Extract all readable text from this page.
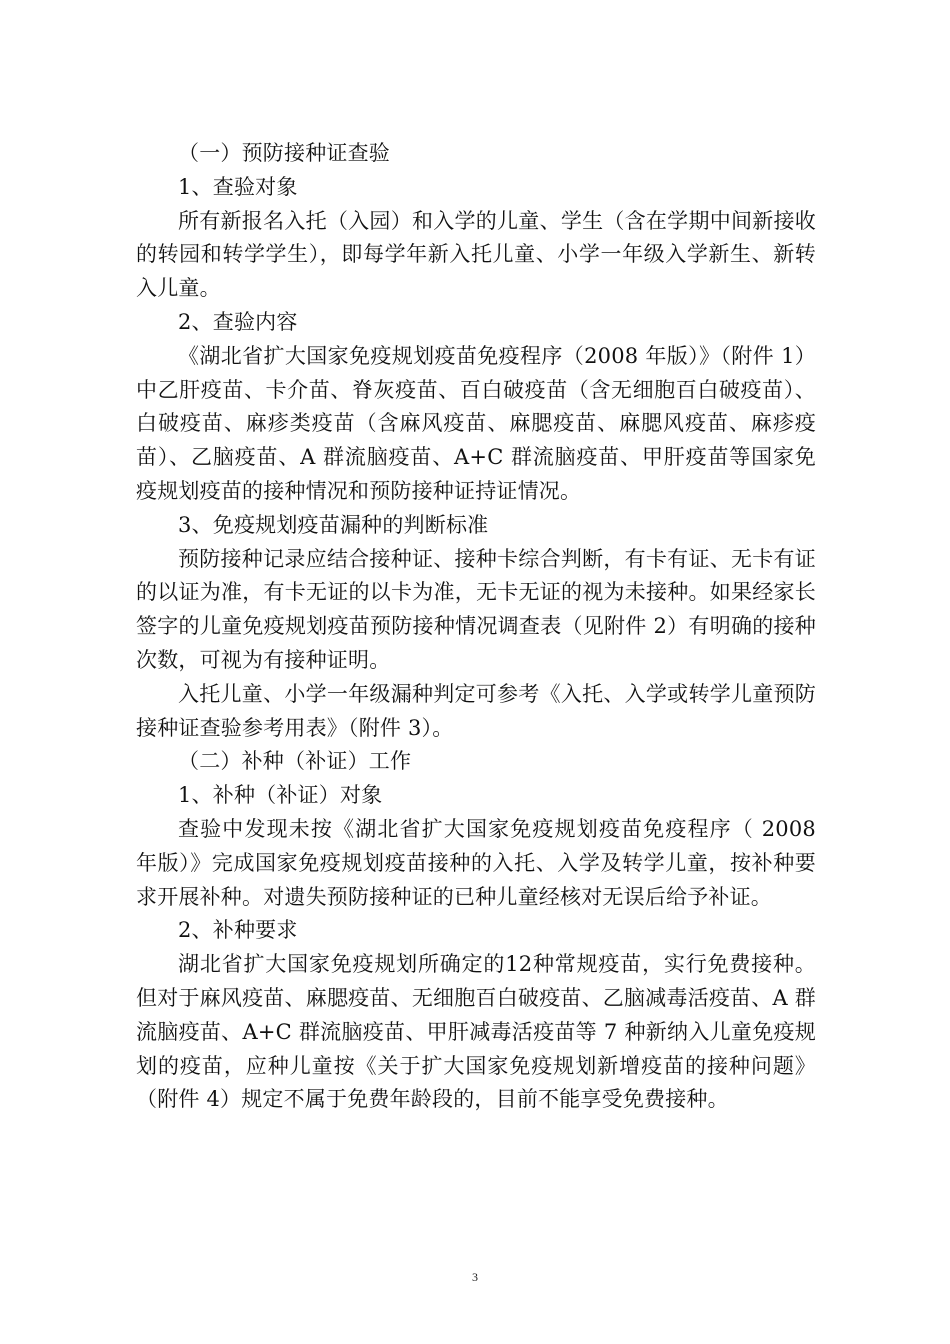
（一）预防接种证查验

1、查验对象

所有新报名入托（入园）和入学的儿童、学生（含在学期中间新接收的转园和转学学生），即每学年新入托儿童、小学一年级入学新生、新转入儿童。

2、查验内容

《湖北省扩大国家免疫规划疫苗免疫程序（2008 年版）》（附件 1）中乙肝疫苗、卡介苗、脊灰疫苗、百白破疫苗（含无细胞百白破疫苗）、白破疫苗、麻疹类疫苗（含麻风疫苗、麻腮疫苗、麻腮风疫苗、麻疹疫苗）、乙脑疫苗、A 群流脑疫苗、A+C 群流脑疫苗、甲肝疫苗等国家免疫规划疫苗的接种情况和预防接种证持证情况。

3、免疫规划疫苗漏种的判断标准

预防接种记录应结合接种证、接种卡综合判断，有卡有证、无卡有证的以证为准，有卡无证的以卡为准，无卡无证的视为未接种。如果经家长签字的儿童免疫规划疫苗预防接种情况调查表（见附件 2）有明确的接种次数，可视为有接种证明。

入托儿童、小学一年级漏种判定可参考《入托、入学或转学儿童预防接种证查验参考用表》（附件 3）。

（二）补种（补证）工作

1、补种（补证）对象

查验中发现未按《湖北省扩大国家免疫规划疫苗免疫程序（ 2008 年版）》完成国家免疫规划疫苗接种的入托、入学及转学儿童，按补种要求开展补种。对遗失预防接种证的已种儿童经核对无误后给予补证。

2、补种要求

湖北省扩大国家免疫规划所确定的12种常规疫苗，实行免费接种。但对于麻风疫苗、麻腮疫苗、无细胞百白破疫苗、乙脑减毒活疫苗、A 群流脑疫苗、A+C 群流脑疫苗、甲肝减毒活疫苗等 7 种新纳入儿童免疫规划的疫苗，应种儿童按《关于扩大国家免疫规划新增疫苗的接种问题》（附件 4）规定不属于免费年龄段的，目前不能享受免费接种。

3
